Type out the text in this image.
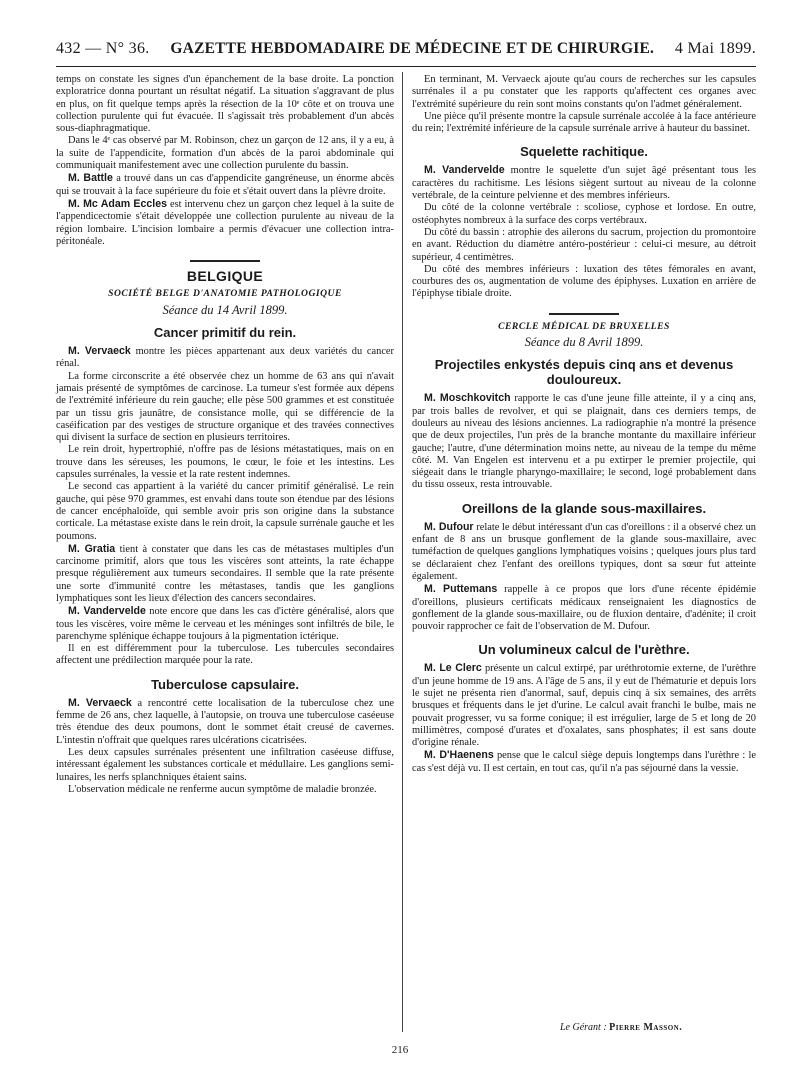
432 — N° 36. GAZETTE HEBDOMADAIRE DE MÉDECINE ET DE CHIRURGIE. 4 Mai 1899.

temps on constate les signes d'un épanchement de la base droite. La ponction exploratrice donna pourtant un résultat négatif. La situation s'aggravant de plus en plus, on fit quelque temps après la résection de la 10ᵉ côte et on trouva une collection purulente qui fut évacuée. Il s'agissait très probablement d'un abcès sous-diaphragmatique.

Dans le 4ᵉ cas observé par M. Robinson, chez un garçon de 12 ans, il y a eu, à la suite de l'appendicite, formation d'un abcès de la paroi abdominale qui communiquait manifestement avec une collection purulente du bassin.

M. Battle a trouvé dans un cas d'appendicite gangréneuse, un énorme abcès qui se trouvait à la face supérieure du foie et s'était ouvert dans la plèvre droite.

M. Mc Adam Eccles est intervenu chez un garçon chez lequel à la suite de l'appendicectomie s'était développée une collection purulente au niveau de la région lombaire. L'incision lombaire a permis d'évacuer une collection intra-péritonéale.

BELGIQUE
SOCIÉTÉ BELGE D'ANATOMIE PATHOLOGIQUE
Séance du 14 Avril 1899.
Cancer primitif du rein.

M. Vervaeck montre les pièces appartenant aux deux variétés du cancer rénal.

La forme circonscrite a été observée chez un homme de 63 ans qui n'avait jamais présenté de symptômes de carcinose. La tumeur s'est formée aux dépens de l'extrémité inférieure du rein gauche; elle pèse 500 grammes et est constituée par un tissu gris jaunâtre, de consistance molle, qui se différencie de la caséification par des vestiges de structure organique et des travées connectives qui divisent la surface de section en plusieurs territoires.

Le rein droit, hypertrophié, n'offre pas de lésions métastatiques, mais on en trouve dans les séreuses, les poumons, le cœur, le foie et les intestins. Les capsules surrénales, la vessie et la rate restent indemnes.

Le second cas appartient à la variété du cancer primitif généralisé. Le rein gauche, qui pèse 970 grammes, est envahi dans toute son étendue par des lésions de cancer encéphaloïde, qui semble avoir pris son origine dans la substance corticale. La métastase existe dans le rein droit, la capsule surrénale gauche et les poumons.

M. Gratia tient à constater que dans les cas de métastases multiples d'un carcinome primitif, alors que tous les viscères sont atteints, la rate échappe presque régulièrement aux tumeurs secondaires. Il semble que la rate présente une sorte d'immunité contre les métastases, tandis que les ganglions lymphatiques sont les lieux d'élection des cancers secondaires.

M. Vandervelde note encore que dans les cas d'ictère généralisé, alors que tous les viscères, voire même le cerveau et les méninges sont infiltrés de bile, le parenchyme splénique échappe toujours à la pigmentation ictérique.

Il en est différemment pour la tuberculose. Les tubercules secondaires affectent une prédilection marquée pour la rate.

Tuberculose capsulaire.

M. Vervaeck a rencontré cette localisation de la tuberculose chez une femme de 26 ans, chez laquelle, à l'autopsie, on trouva une tuberculose caséeuse très étendue des deux poumons, dont le sommet était creusé de cavernes. L'intestin n'offrait que quelques rares ulcérations cicatrisées.

Les deux capsules surrénales présentent une infiltration caséeuse diffuse, intéressant également les substances corticale et médullaire. Les ganglions semi-lunaires, les nerfs splanchniques étaient sains.

L'observation médicale ne renferme aucun symptôme de maladie bronzée.

En terminant, M. Vervaeck ajoute qu'au cours de recherches sur les capsules surrénales il a pu constater que les rapports qu'affectent ces organes avec l'extrémité supérieure du rein sont moins constants qu'on l'admet généralement.

Une pièce qu'il présente montre la capsule surrénale accolée à la face antérieure du rein; l'extrémité inférieure de la capsule surrénale arrive à hauteur du bassinet.

Squelette rachitique.

M. Vandervelde montre le squelette d'un sujet âgé présentant tous les caractères du rachitisme. Les lésions siègent surtout au niveau de la colonne vertébrale, de la ceinture pelvienne et des membres inférieurs.

Du côté de la colonne vertébrale : scoliose, cyphose et lordose. En outre, ostéophytes nombreux à la surface des corps vertébraux.

Du côté du bassin : atrophie des ailerons du sacrum, projection du promontoire en avant. Réduction du diamètre antéro-postérieur : celui-ci mesure, au détroit supérieur, 4 centimètres.

Du côté des membres inférieurs : luxation des têtes fémorales en avant, courbures des os, augmentation de volume des épiphyses. Luxation en arrière de l'épiphyse tibiale droite.

CERCLE MÉDICAL DE BRUXELLES
Séance du 8 Avril 1899.
Projectiles enkystés depuis cinq ans et devenus douloureux.

M. Moschkovitch rapporte le cas d'une jeune fille atteinte, il y a cinq ans, par trois balles de revolver, et qui se plaignait, dans ces derniers temps, de douleurs au niveau des lésions anciennes. La radiographie n'a montré la présence que de deux projectiles, l'un près de la branche montante du maxillaire inférieur gauche; l'autre, d'une détermination moins nette, au niveau de la tempe du même côté. M. Van Engelen est intervenu et a pu extirper le premier projectile, qui siégeait dans le triangle pharyngo-maxillaire; le second, logé probablement dans du tissu osseux, resta introuvable.

Oreillons de la glande sous-maxillaires.

M. Dufour relate le début intéressant d'un cas d'oreillons : il a observé chez un enfant de 8 ans un brusque gonflement de la glande sous-maxillaire, avec tuméfaction de quelques ganglions lymphatiques voisins ; quelques jours plus tard se déclaraient chez l'enfant des oreillons typiques, dont sa sœur fut atteinte également.

M. Puttemans rappelle à ce propos que lors d'une récente épidémie d'oreillons, plusieurs certificats médicaux renseignaient les diagnostics de gonflement de la glande sous-maxillaire, ou de fluxion dentaire, d'adénite; il croit pouvoir rapprocher ce fait de l'observation de M. Dufour.

Un volumineux calcul de l'urèthre.

M. Le Clerc présente un calcul extirpé, par uréthrotomie externe, de l'urèthre d'un jeune homme de 19 ans. A l'âge de 5 ans, il y eut de l'hématurie et depuis lors le sujet ne présenta rien d'anormal, sauf, depuis cinq à six semaines, des arrêts brusques et fréquents dans le jet d'urine. Le calcul avait franchi le bulbe, mais ne pouvait progresser, vu sa forme conique; il est irrégulier, large de 5 et long de 20 millimètres, composé d'urates et d'oxalates, sans phosphates; il est sans doute d'origine rénale.

M. D'Haenens pense que le calcul siège depuis longtemps dans l'urèthre : le cas s'est déjà vu. Il est certain, en tout cas, qu'il n'a pas séjourné dans la vessie.

Le Gérant : Pierre Masson.
216
